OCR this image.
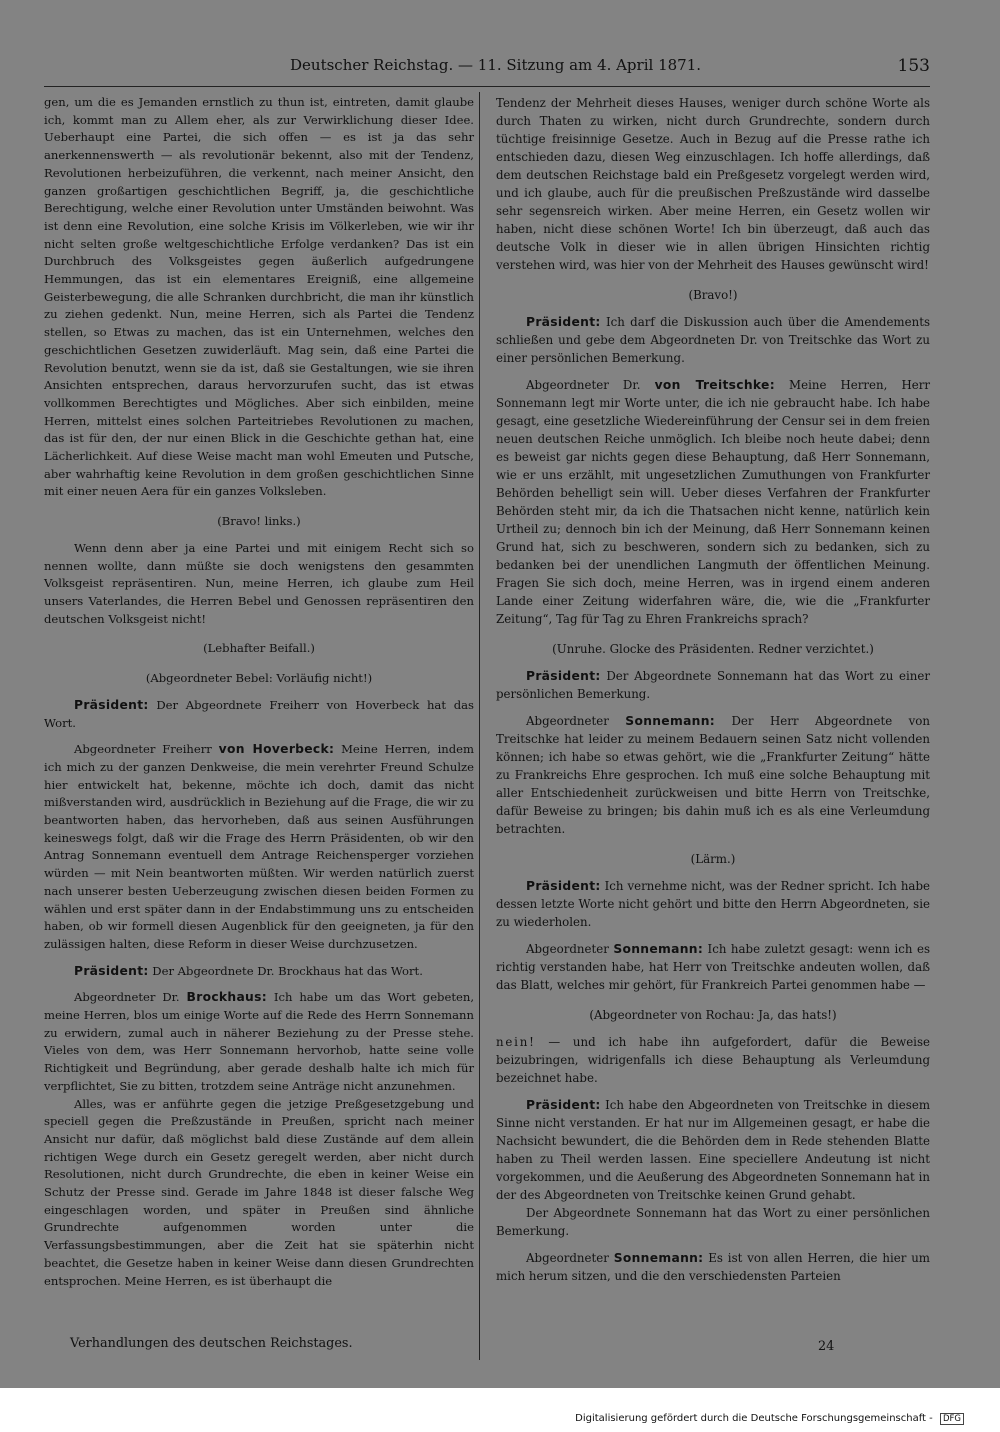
Deutscher Reichstag. — 11. Sitzung am 4. April 1871.	153

gen, um die es Jemanden ernstlich zu thun ist, eintreten, damit glaube ich, kommt man zu Allem eher, als zur Verwirklichung dieser Idee. Ueberhaupt eine Partei, die sich offen — es ist ja das sehr anerkennenswerth — als revolutionär bekennt, also mit der Tendenz, Revolutionen herbeizuführen, die verkennt, nach meiner Ansicht, den ganzen großartigen geschichtlichen Begriff, ja, die geschichtliche Berechtigung, welche einer Revolution unter Umständen beiwohnt. Was ist denn eine Revolution, eine solche Krisis im Völkerleben, wie wir ihr nicht selten große weltgeschichtliche Erfolge verdanken? Das ist ein Durchbruch des Volksgeistes gegen äußerlich aufgedrungene Hemmungen, das ist ein elementares Ereigniß, eine allgemeine Geisterbewegung, die alle Schranken durchbricht, die man ihr künstlich zu ziehen gedenkt. Nun, meine Herren, sich als Partei die Tendenz stellen, so Etwas zu machen, das ist ein Unternehmen, welches den geschichtlichen Gesetzen zuwiderläuft. Mag sein, daß eine Partei die Revolution benutzt, wenn sie da ist, daß sie Gestaltungen, wie sie ihren Ansichten entsprechen, daraus hervorzurufen sucht, das ist etwas vollkommen Berechtigtes und Mögliches. Aber sich einbilden, meine Herren, mittelst eines solchen Parteitriebes Revolutionen zu machen, das ist für den, der nur einen Blick in die Geschichte gethan hat, eine Lächerlichkeit. Auf diese Weise macht man wohl Emeuten und Putsche, aber wahrhaftig keine Revolution in dem großen geschichtlichen Sinne mit einer neuen Aera für ein ganzes Volksleben.

(Bravo! links.)

Wenn denn aber ja eine Partei und mit einigem Recht sich so nennen wollte, dann müßte sie doch wenigstens den gesammten Volksgeist repräsentiren. Nun, meine Herren, ich glaube zum Heil unsers Vaterlandes, die Herren Bebel und Genossen repräsentiren den deutschen Volksgeist nicht!

(Lebhafter Beifall.)

(Abgeordneter Bebel: Vorläufig nicht!)

Präsident: Der Abgeordnete Freiherr von Hoverbeck hat das Wort.

Abgeordneter Freiherr von Hoverbeck: Meine Herren, indem ich mich zu der ganzen Denkweise, die mein verehrter Freund Schulze hier entwickelt hat, bekenne, möchte ich doch, damit das nicht mißverstanden wird, ausdrücklich in Beziehung auf die Frage, die wir zu beantworten haben, das hervorheben, daß aus seinen Ausführungen keineswegs folgt, daß wir die Frage des Herrn Präsidenten, ob wir den Antrag Sonnemann eventuell dem Antrage Reichensperger vorziehen würden — mit Nein beantworten müßten. Wir werden natürlich zuerst nach unserer besten Ueberzeugung zwischen diesen beiden Formen zu wählen und erst später dann in der Endabstimmung uns zu entscheiden haben, ob wir formell diesen Augenblick für den geeigneten, ja für den zulässigen halten, diese Reform in dieser Weise durchzusetzen.

Präsident: Der Abgeordnete Dr. Brockhaus hat das Wort.

Abgeordneter Dr. Brockhaus: Ich habe um das Wort gebeten, meine Herren, blos um einige Worte auf die Rede des Herrn Sonnemann zu erwidern, zumal auch in näherer Beziehung zu der Presse stehe. Vieles von dem, was Herr Sonnemann hervorhob, hatte seine volle Richtigkeit und Begründung, aber gerade deshalb halte ich mich für verpflichtet, Sie zu bitten, trotzdem seine Anträge nicht anzunehmen.

Alles, was er anführte gegen die jetzige Preßgesetzgebung und speciell gegen die Preßzustände in Preußen, spricht nach meiner Ansicht nur dafür, daß möglichst bald diese Zustände auf dem allein richtigen Wege durch ein Gesetz geregelt werden, aber nicht durch Resolutionen, nicht durch Grundrechte, die eben in keiner Weise ein Schutz der Presse sind. Gerade im Jahre 1848 ist dieser falsche Weg eingeschlagen worden, und später in Preußen sind ähnliche Grundrechte aufgenommen worden unter die Verfassungsbestimmungen, aber die Zeit hat sie späterhin nicht beachtet, die Gesetze haben in keiner Weise dann diesen Grundrechten entsprochen. Meine Herren, es ist überhaupt die

Verhandlungen des deutschen Reichstages.

Tendenz der Mehrheit dieses Hauses, weniger durch schöne Worte als durch Thaten zu wirken, nicht durch Grundrechte, sondern durch tüchtige freisinnige Gesetze. Auch in Bezug auf die Presse rathe ich entschieden dazu, diesen Weg einzuschlagen. Ich hoffe allerdings, daß dem deutschen Reichstage bald ein Preßgesetz vorgelegt werden wird, und ich glaube, auch für die preußischen Preßzustände wird dasselbe sehr segensreich wirken. Aber meine Herren, ein Gesetz wollen wir haben, nicht diese schönen Worte! Ich bin überzeugt, daß auch das deutsche Volk in dieser wie in allen übrigen Hinsichten richtig verstehen wird, was hier von der Mehrheit des Hauses gewünscht wird!

(Bravo!)

Präsident: Ich darf die Diskussion auch über die Amendements schließen und gebe dem Abgeordneten Dr. von Treitschke das Wort zu einer persönlichen Bemerkung.

Abgeordneter Dr. von Treitschke: Meine Herren, Herr Sonnemann legt mir Worte unter, die ich nie gebraucht habe. Ich habe gesagt, eine gesetzliche Wiedereinführung der Censur sei in dem freien neuen deutschen Reiche unmöglich. Ich bleibe noch heute dabei; denn es beweist gar nichts gegen diese Behauptung, daß Herr Sonnemann, wie er uns erzählt, mit ungesetzlichen Zumuthungen von Frankfurter Behörden behelligt sein will. Ueber dieses Verfahren der Frankfurter Behörden steht mir, da ich die Thatsachen nicht kenne, natürlich kein Urtheil zu; dennoch bin ich der Meinung, daß Herr Sonnemann keinen Grund hat, sich zu beschweren, sondern sich zu bedanken, sich zu bedanken bei der unendlichen Langmuth der öffentlichen Meinung. Fragen Sie sich doch, meine Herren, was in irgend einem anderen Lande einer Zeitung widerfahren wäre, die, wie die „Frankfurter Zeitung“, Tag für Tag zu Ehren Frankreichs sprach?

(Unruhe. Glocke des Präsidenten. Redner verzichtet.)

Präsident: Der Abgeordnete Sonnemann hat das Wort zu einer persönlichen Bemerkung.

Abgeordneter Sonnemann: Der Herr Abgeordnete von Treitschke hat leider zu meinem Bedauern seinen Satz nicht vollenden können; ich habe so etwas gehört, wie die „Frankfurter Zeitung“ hätte zu Frankreichs Ehre gesprochen. Ich muß eine solche Behauptung mit aller Entschiedenheit zurückweisen und bitte Herrn von Treitschke, dafür Beweise zu bringen; bis dahin muß ich es als eine Verleumdung betrachten.

(Lärm.)

Präsident: Ich vernehme nicht, was der Redner spricht. Ich habe dessen letzte Worte nicht gehört und bitte den Herrn Abgeordneten, sie zu wiederholen.

Abgeordneter Sonnemann: Ich habe zuletzt gesagt: wenn ich es richtig verstanden habe, hat Herr von Treitschke andeuten wollen, daß das Blatt, welches mir gehört, für Frankreich Partei genommen habe —

(Abgeordneter von Rochau: Ja, das hats!)

nein! — und ich habe ihn aufgefordert, dafür die Beweise beizubringen, widrigenfalls ich diese Behauptung als Verleumdung bezeichnet habe.

Präsident: Ich habe den Abgeordneten von Treitschke in diesem Sinne nicht verstanden. Er hat nur im Allgemeinen gesagt, er habe die Nachsicht bewundert, die die Behörden dem in Rede stehenden Blatte haben zu Theil werden lassen. Eine speciellere Andeutung ist nicht vorgekommen, und die Aeußerung des Abgeordneten Sonnemann hat in der des Abgeordneten von Treitschke keinen Grund gehabt.

Der Abgeordnete Sonnemann hat das Wort zu einer persönlichen Bemerkung.

Abgeordneter Sonnemann: Es ist von allen Herren, die hier um mich herum sitzen, und die den verschiedensten Parteien

24
Digitalisierung gefördert durch die Deutsche Forschungsgemeinschaft - DFG
